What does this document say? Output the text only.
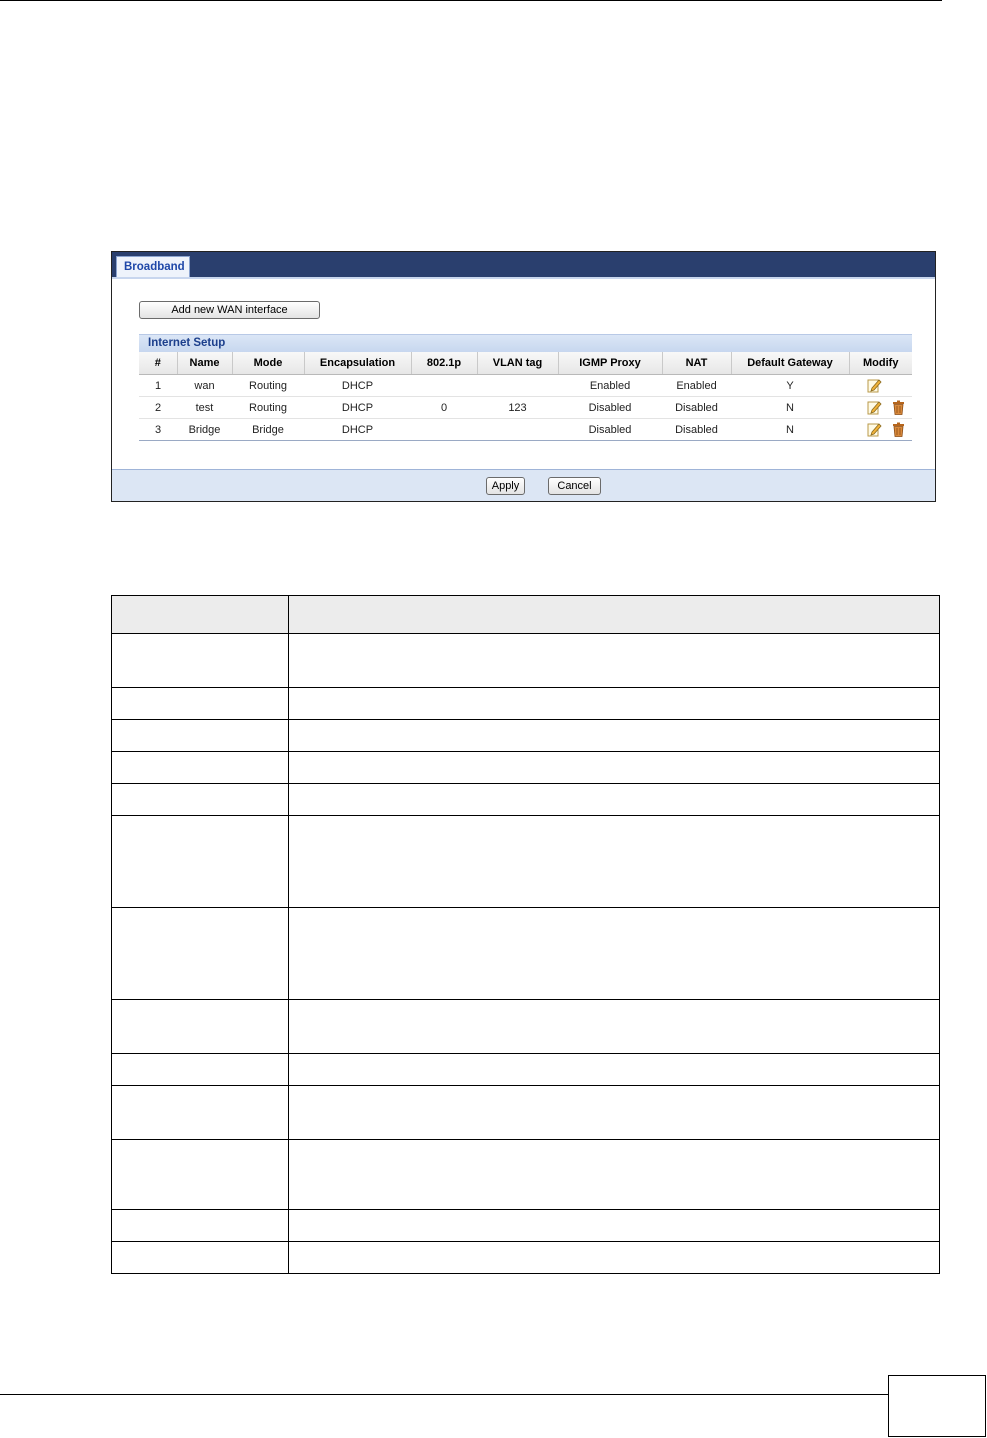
Broadband
Add new WAN interface
Internet Setup
#	Name	Mode	Encapsulation	802.1p	VLAN tag	IGMP Proxy	NAT	Default Gateway	Modify
1	wan	Routing	DHCP			Enabled	Enabled	Y	
2	test	Routing	DHCP	0	123	Disabled	Disabled	N	
3	Bridge	Bridge	DHCP			Disabled	Disabled	N	
Apply	Cancel
